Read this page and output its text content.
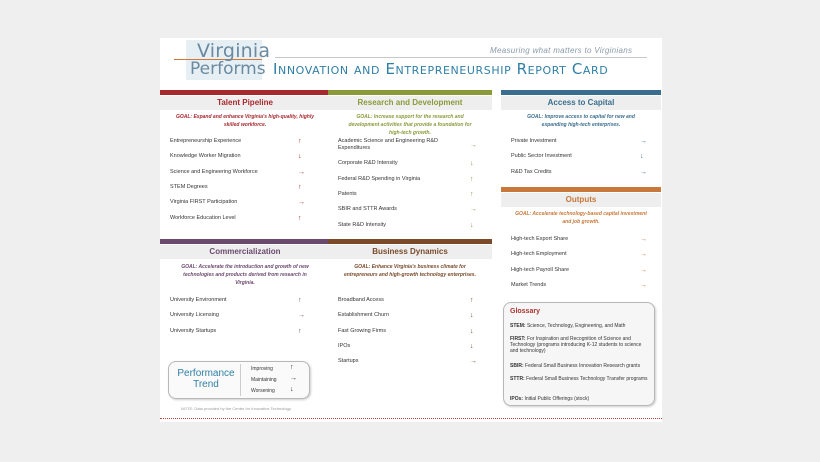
Virginia
Performs
Measuring what matters to Virginians
Innovation and Entrepreneurship Report Card
Talent Pipeline
GOAL: Expand and enhance Virginia's high-quality, highly skilled workforce.
Entrepreneurship Experience	↑
Knowledge Worker Migration	↓
Science and Engineering Workforce	→
STEM Degrees	↑
Virginia FIRST Participation	→
Workforce Education Level	↑
Research and Development
GOAL: Increase support for the research and development activities that provide a foundation for high-tech growth.
Academic Science and Engineering R&D Expenditures	→
Corporate R&D Intensity	↓
Federal R&D Spending in Virginia	↑
Patents	↑
SBIR and STTR Awards	→
State R&D Intensity	↓
Access to Capital
GOAL: Improve access to capital for new and expanding high-tech enterprises.
Private Investment	→
Public Sector Investment	↓
R&D Tax Credits	→
Outputs
GOAL: Accelerate technology-based capital investment and job growth.
High-tech Export Share	→
High-tech Employment	→
High-tech Payroll Share	→
Market Trends	→
Commercialization
GOAL: Accelerate the introduction and growth of new technologies and products derived from research in Virginia.
University Environment	↑
University Licensing	→
University Startups	↑
Business Dynamics
GOAL: Enhance Virginia's business climate for entrepreneurs and high-growth technology enterprises.
Broadband Access	↑
Establishment Churn	↓
Fast Growing Firms	↓
IPOs	↓
Startups	→
Performance Trend
Improving ↑
Maintaining →
Worsening ↓
Glossary
STEM: Science, Technology, Engineering, and Math
FIRST: For Inspiration and Recognition of Science and Technology (programs introducing K-12 students to science and technology)
SBIR: Federal Small Business Innovation Research grants
STTR: Federal Small Business Technology Transfer programs
IPOs: Initial Public Offerings (stock)
NOTE: Data provided by the Center for Innovative Technology.
